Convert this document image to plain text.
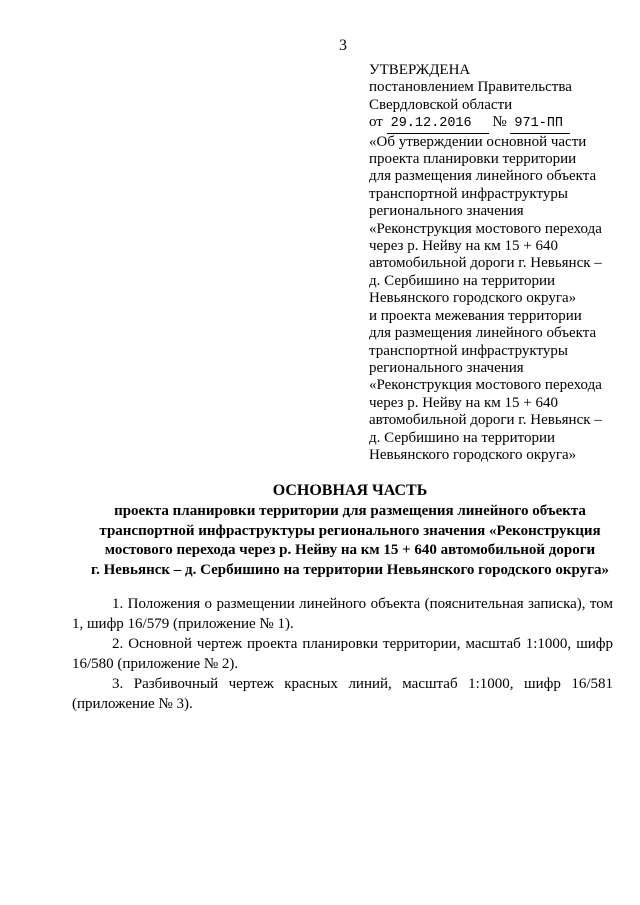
3
УТВЕРЖДЕНА
постановлением Правительства
Свердловской области
от 29.12.2016 № 971-ПП
«Об утверждении основной части
проекта планировки территории
для размещения линейного объекта
транспортной инфраструктуры
регионального значения
«Реконструкция мостового перехода
через р. Нейву на км 15 + 640
автомобильной дороги г. Невьянск –
д. Сербишино на территории
Невьянского городского округа»
и проекта межевания территории
для размещения линейного объекта
транспортной инфраструктуры
регионального значения
«Реконструкция мостового перехода
через р. Нейву на км 15 + 640
автомобильной дороги г. Невьянск –
д. Сербишино на территории
Невьянского городского округа»
ОСНОВНАЯ ЧАСТЬ
проекта планировки территории для размещения линейного объекта
транспортной инфраструктуры регионального значения «Реконструкция
мостового перехода через р. Нейву на км 15 + 640 автомобильной дороги
г. Невьянск – д. Сербишино на территории Невьянского городского округа»

1. Положения о размещении линейного объекта (пояснительная записка), том 1, шифр 16/579 (приложение № 1).

2. Основной чертеж проекта планировки территории, масштаб 1:1000, шифр 16/580 (приложение № 2).

3. Разбивочный чертеж красных линий, масштаб 1:1000, шифр 16/581 (приложение № 3).
